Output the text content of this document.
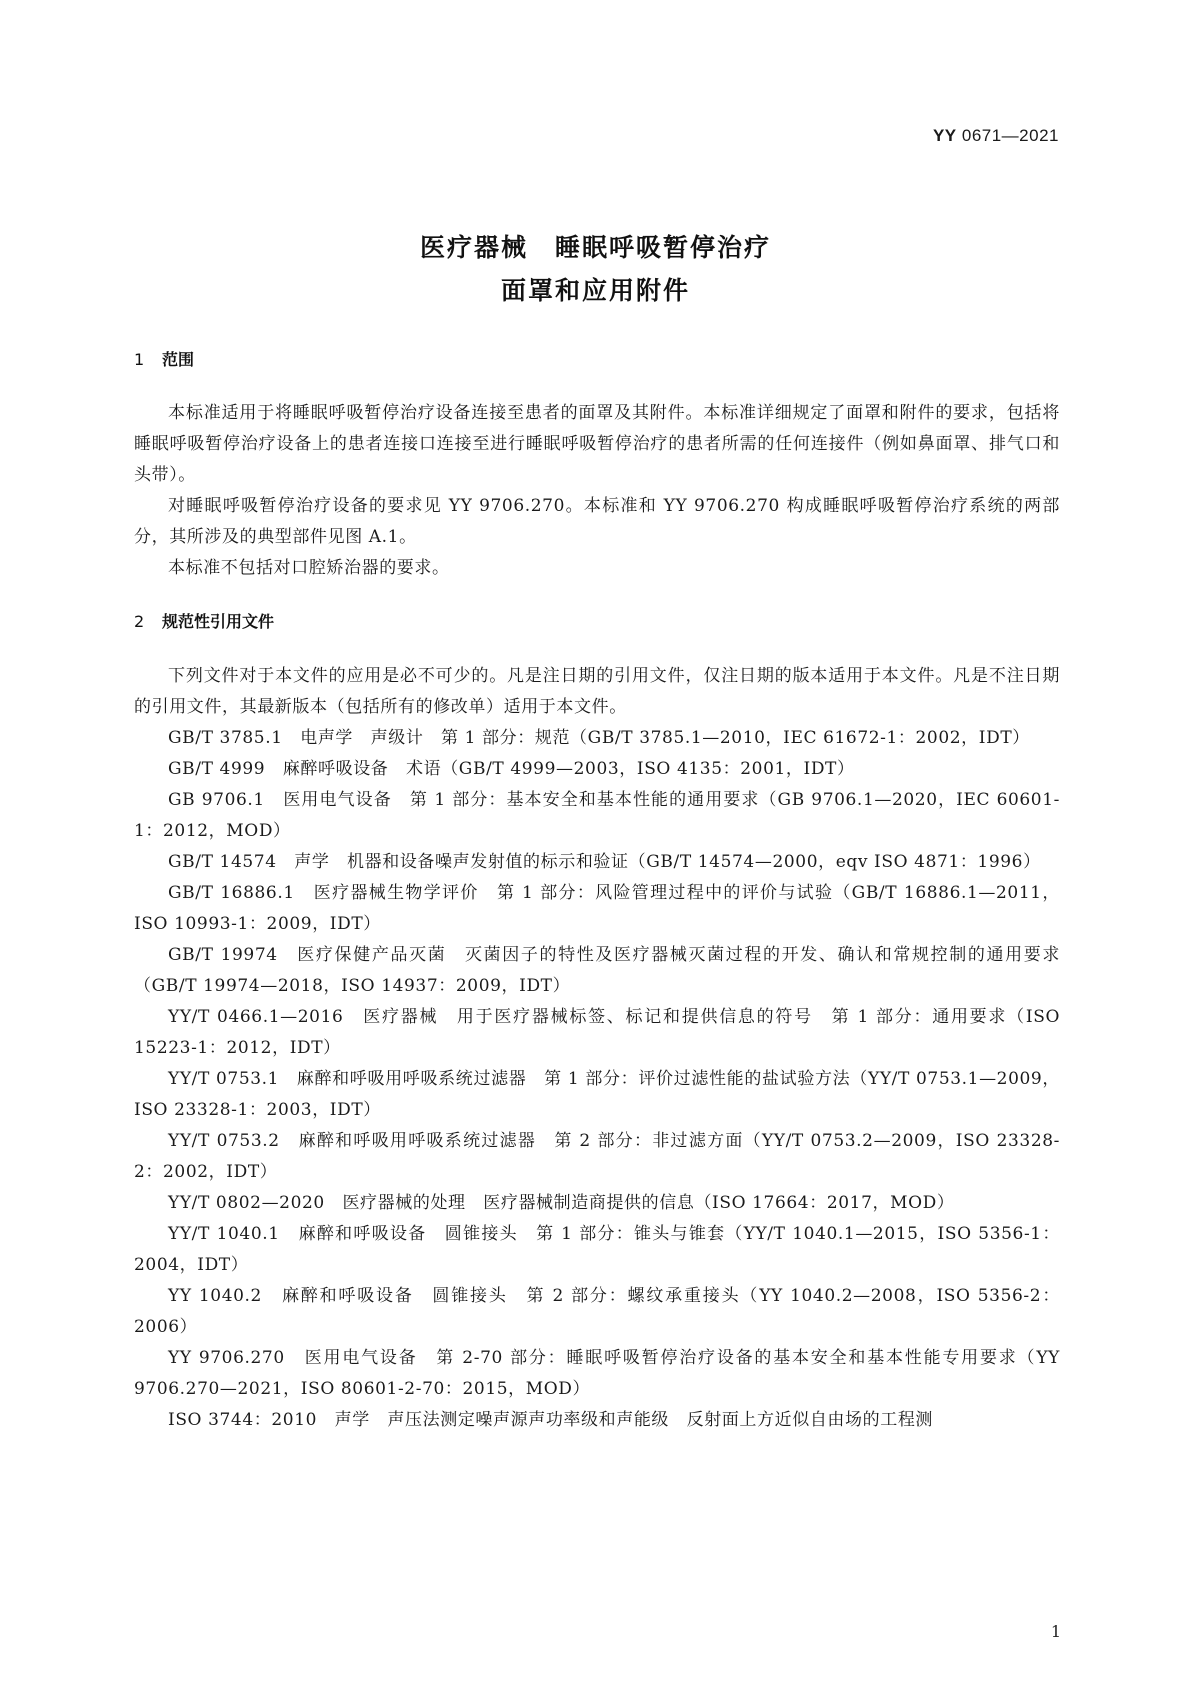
YY 0671—2021
医疗器械　睡眠呼吸暂停治疗
面罩和应用附件
1 范围

本标准适用于将睡眠呼吸暂停治疗设备连接至患者的面罩及其附件。本标准详细规定了面罩和附件的要求，包括将睡眠呼吸暂停治疗设备上的患者连接口连接至进行睡眠呼吸暂停治疗的患者所需的任何连接件（例如鼻面罩、排气口和头带）。

对睡眠呼吸暂停治疗设备的要求见 YY 9706.270。本标准和 YY 9706.270 构成睡眠呼吸暂停治疗系统的两部分，其所涉及的典型部件见图 A.1。

本标准不包括对口腔矫治器的要求。

2 规范性引用文件

下列文件对于本文件的应用是必不可少的。凡是注日期的引用文件，仅注日期的版本适用于本文件。凡是不注日期的引用文件，其最新版本（包括所有的修改单）适用于本文件。

GB/T 3785.1　电声学　声级计　第 1 部分：规范（GB/T 3785.1—2010，IEC 61672-1：2002，IDT）

GB/T 4999　麻醉呼吸设备　术语（GB/T 4999—2003，ISO 4135：2001，IDT）

GB 9706.1　医用电气设备　第 1 部分：基本安全和基本性能的通用要求（GB 9706.1—2020，IEC 60601-1：2012，MOD）

GB/T 14574　声学　机器和设备噪声发射值的标示和验证（GB/T 14574—2000，eqv ISO 4871：1996）

GB/T 16886.1　医疗器械生物学评价　第 1 部分：风险管理过程中的评价与试验（GB/T 16886.1—2011，ISO 10993-1：2009，IDT）

GB/T 19974　医疗保健产品灭菌　灭菌因子的特性及医疗器械灭菌过程的开发、确认和常规控制的通用要求（GB/T 19974—2018，ISO 14937：2009，IDT）

YY/T 0466.1—2016　医疗器械　用于医疗器械标签、标记和提供信息的符号　第 1 部分：通用要求（ISO 15223-1：2012，IDT）

YY/T 0753.1　麻醉和呼吸用呼吸系统过滤器　第 1 部分：评价过滤性能的盐试验方法（YY/T 0753.1—2009，ISO 23328-1：2003，IDT）

YY/T 0753.2　麻醉和呼吸用呼吸系统过滤器　第 2 部分：非过滤方面（YY/T 0753.2—2009，ISO 23328-2：2002，IDT）

YY/T 0802—2020　医疗器械的处理　医疗器械制造商提供的信息（ISO 17664：2017，MOD）

YY/T 1040.1　麻醉和呼吸设备　圆锥接头　第 1 部分：锥头与锥套（YY/T 1040.1—2015，ISO 5356-1：2004，IDT）

YY 1040.2　麻醉和呼吸设备　圆锥接头　第 2 部分：螺纹承重接头（YY 1040.2—2008，ISO 5356-2：2006）

YY 9706.270　医用电气设备　第 2-70 部分：睡眠呼吸暂停治疗设备的基本安全和基本性能专用要求（YY 9706.270—2021，ISO 80601-2-70：2015，MOD）

ISO 3744：2010　声学　声压法测定噪声源声功率级和声能级　反射面上方近似自由场的工程测

1
